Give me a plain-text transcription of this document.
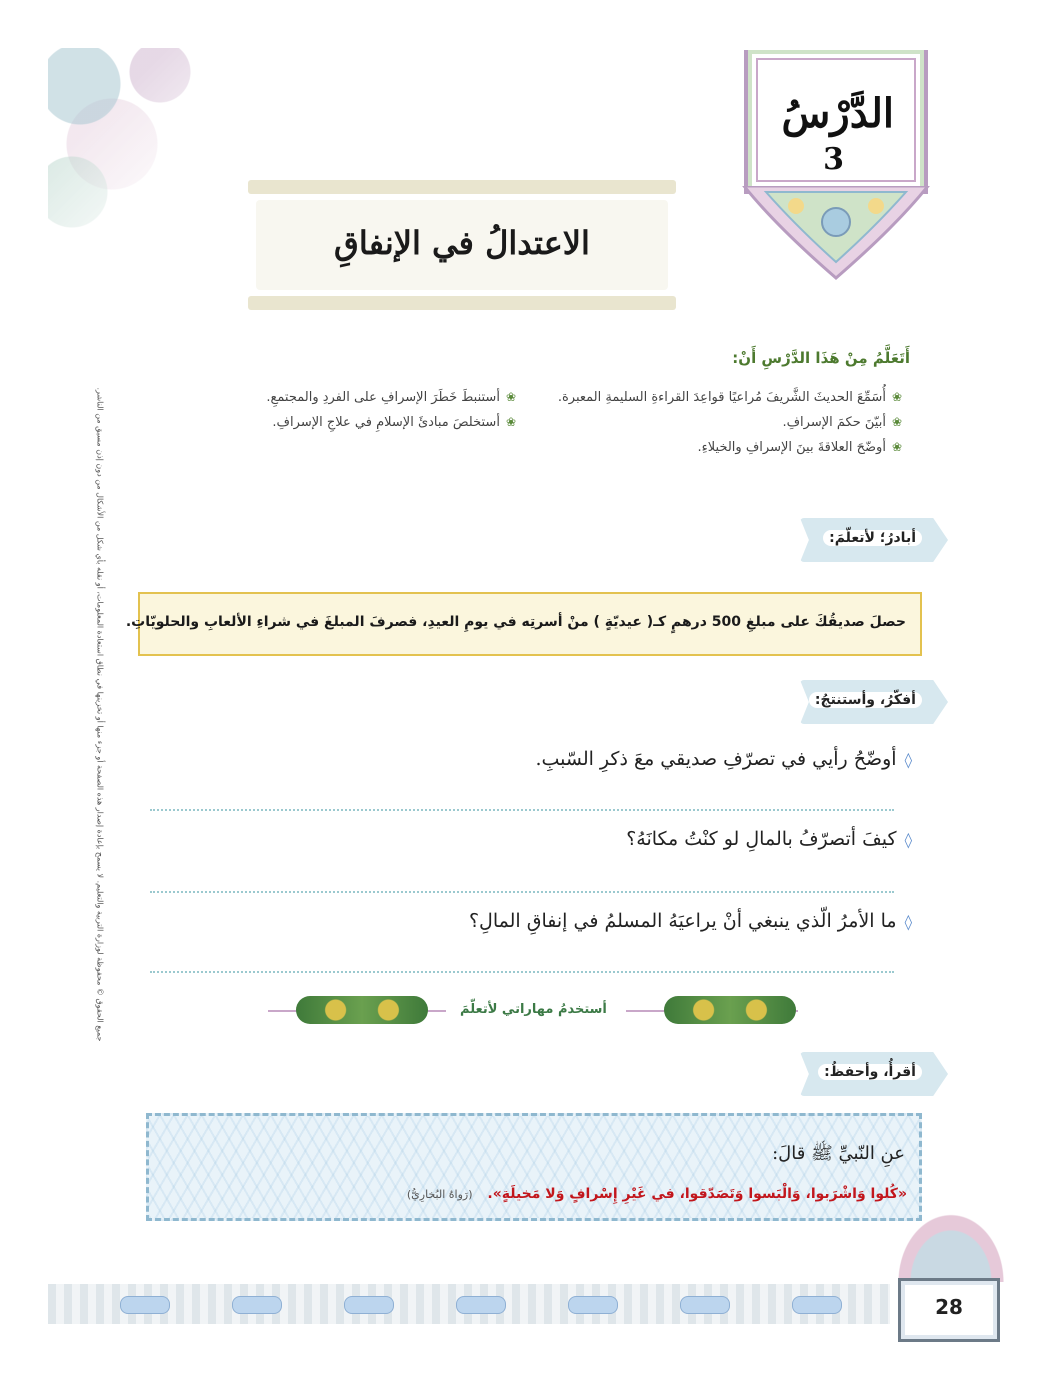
جميع الحقوق © محفوظة لوزارة التربية والتعليم. لا يسمح بإعادة إصدار هذه الصفحة أو جزء منها أو تخزينها في نطاق استعادة المعلومات، أو نقله بأي شكل من الأشكال من دون إذن مسبق من الناشر.
الدَّرْسُ
3
الاعتدالُ في الإنفاقِ
أَتَعَلَّمُ مِنْ هَذَا الدَّرْسِ أَنْ:
❀ أُسَمِّعَ الحديثَ الشَّريفَ مُراعيًا قواعِدَ القراءةِ السليمةِ المعبرة.
❀ أبيّنَ حكمَ الإسرافِ.
❀ أوضّحَ العلاقةَ بينَ الإسرافِ والخيلاءِ.
❀ أستنبطَ خَطَرَ الإسرافِ على الفردِ والمجتمعِ.
❀ أستخلصَ مبادئَ الإسلامِ في علاجِ الإسرافِ.
أبادرُ؛ لأتعلّمَ:
حصلَ صديقُكَ على مبلغِ 500 درهمٍ كـ( عيديّةٍ ) منْ أسرتِه في يومِ العيدِ، فصرفَ المبلغَ في شراءِ الألعابِ والحلويّاتِ.
أفكّرُ، وأستنتجُ:
◊أوضّحُ رأيي في تصرّفِ صديقي معَ ذكرِ السّببِ.
◊كيفَ أتصرّفُ بالمالِ لو كنْتُ مكانَهُ؟
◊ما الأمرُ الّذي ينبغي أنْ يراعيَهُ المسلمُ في إنفاقِ المالِ؟
أستخدمُ مهاراتي لأتعلّمَ
أقرأُ، وأحفظُ:
عنِ النّبيِّ ﷺ قالَ:
«كُلوا وَاشْرَبوا، وَالْبَسوا وَتَصَدّقوا، في غَيْرِ إِسْرافٍ وَلا مَخيلَةٍ». (رَواهُ البُخارِيُّ)
28
